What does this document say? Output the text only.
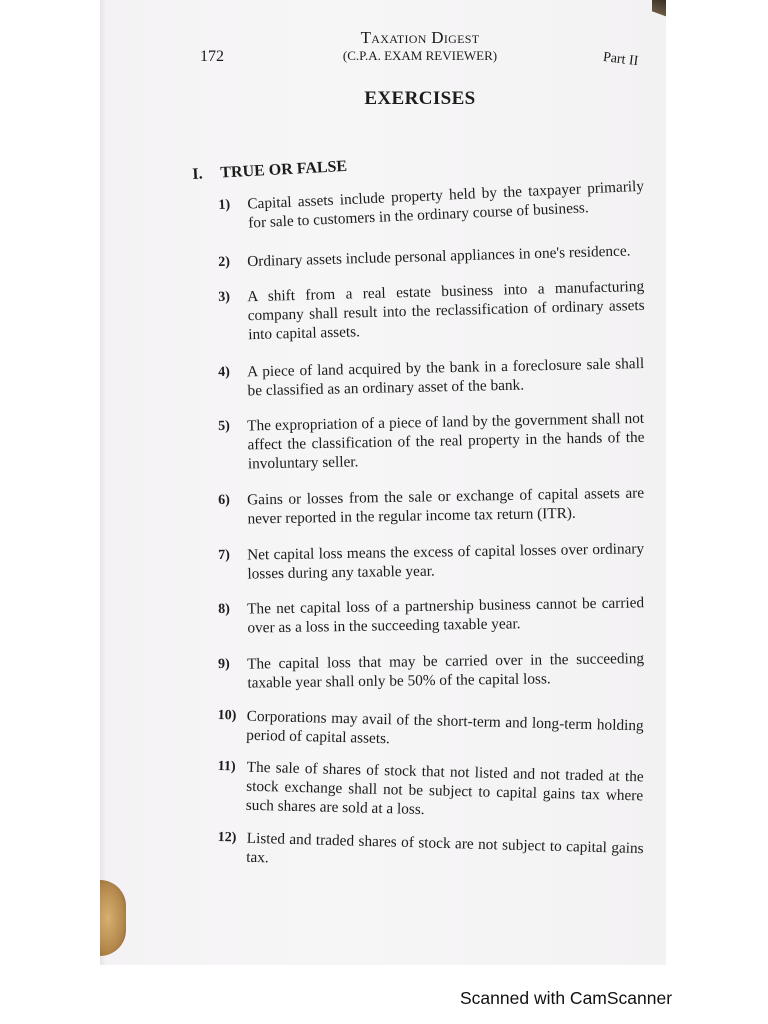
172
Taxation Digest
(C.P.A. EXAM REVIEWER)	Part II
EXERCISES
I. TRUE OR FALSE
1)	Capital assets include property held by the taxpayer primarily for sale to customers in the ordinary course of business.
2)	Ordinary assets include personal appliances in one's residence.
3)	A shift from a real estate business into a manufacturing company shall result into the reclassification of ordinary assets into capital assets.
4)	A piece of land acquired by the bank in a foreclosure sale shall be classified as an ordinary asset of the bank.
5)	The expropriation of a piece of land by the government shall not affect the classification of the real property in the hands of the involuntary seller.
6)	Gains or losses from the sale or exchange of capital assets are never reported in the regular income tax return (ITR).
7)	Net capital loss means the excess of capital losses over ordinary losses during any taxable year.
8)	The net capital loss of a partnership business cannot be carried over as a loss in the succeeding taxable year.
9)	The capital loss that may be carried over in the succeeding taxable year shall only be 50% of the capital loss.
10) Corporations may avail of the short-term and long-term holding period of capital assets.
11) The sale of shares of stock that not listed and not traded at the stock exchange shall not be subject to capital gains tax where such shares are sold at a loss.
12) Listed and traded shares of stock are not subject to capital gains tax.
Scanned with CamScanner
